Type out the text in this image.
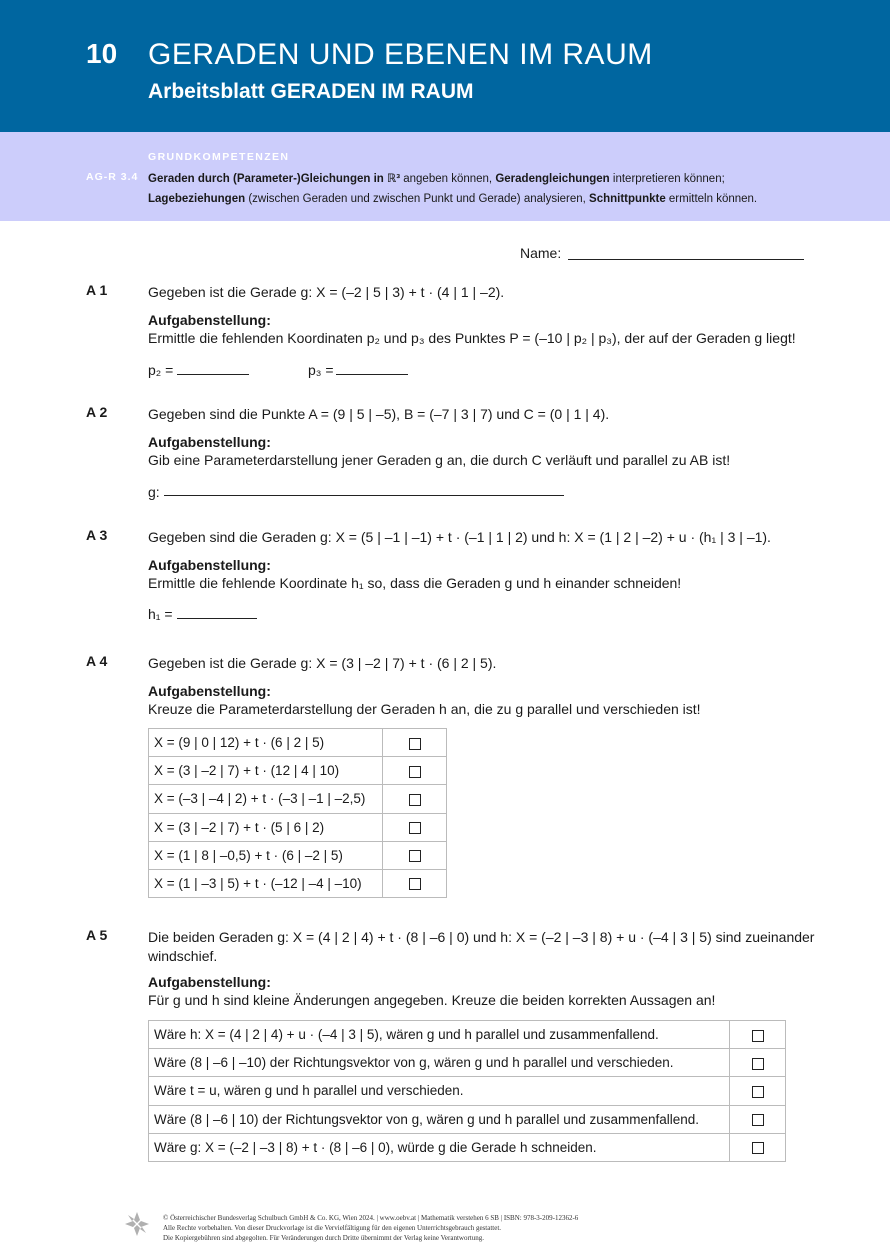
10 GERADEN UND EBENEN IM RAUM
Arbeitsblatt GERADEN IM RAUM
GRUNDKOMPETENZEN
AG-R 3.4 Geraden durch (Parameter-)Gleichungen in ℝ³ angeben können, Geradengleichungen interpretieren können; Lagebeziehungen (zwischen Geraden und zwischen Punkt und Gerade) analysieren, Schnittpunkte ermitteln können.
Name:
A 1	Gegeben ist die Gerade g: X = (–2 | 5 | 3) + t · (4 | 1 | –2).
Aufgabenstellung:
Ermittle die fehlenden Koordinaten p₂ und p₃ des Punktes P = (–10 | p₂ | p₃), der auf der Geraden g liegt!
p₂ =	p₃ =
A 2	Gegeben sind die Punkte A = (9 | 5 | –5), B = (–7 | 3 | 7) und C = (0 | 1 | 4).
Aufgabenstellung:
Gib eine Parameterdarstellung jener Geraden g an, die durch C verläuft und parallel zu AB ist!
g:
A 3	Gegeben sind die Geraden g: X = (5 | –1 | –1) + t · (–1 | 1 | 2) und h: X = (1 | 2 | –2) + u · (h₁ | 3 | –1).
Aufgabenstellung:
Ermittle die fehlende Koordinate h₁ so, dass die Geraden g und h einander schneiden!
h₁ =
A 4	Gegeben ist die Gerade g: X = (3 | –2 | 7) + t · (6 | 2 | 5).
Aufgabenstellung:
Kreuze die Parameterdarstellung der Geraden h an, die zu g parallel und verschieden ist!
X = (9 | 0 | 12) + t · (6 | 2 | 5)	
X = (3 | –2 | 7) + t · (12 | 4 | 10)	
X = (–3 | –4 | 2) + t · (–3 | –1 | –2,5)	
X = (3 | –2 | 7) + t · (5 | 6 | 2)	
X = (1 | 8 | –0,5) + t · (6 | –2 | 5)	
X = (1 | –3 | 5) + t · (–12 | –4 | –10)	
A 5	Die beiden Geraden g: X = (4 | 2 | 4) + t · (8 | –6 | 0) und h: X = (–2 | –3 | 8) + u · (–4 | 3 | 5) sind zueinander
windschief.
Aufgabenstellung:
Für g und h sind kleine Änderungen angegeben. Kreuze die beiden korrekten Aussagen an!
Wäre h: X = (4 | 2 | 4) + u · (–4 | 3 | 5), wären g und h parallel und zusammenfallend.	
Wäre (8 | –6 | –10) der Richtungsvektor von g, wären g und h parallel und verschieden.	
Wäre t = u, wären g und h parallel und verschieden.	
Wäre (8 | –6 | 10) der Richtungsvektor von g, wären g und h parallel und zusammenfallend.	
Wäre g: X = (–2 | –3 | 8) + t · (8 | –6 | 0), würde g die Gerade h schneiden.	
© Österreichischer Bundesverlag Schulbuch GmbH & Co. KG, Wien 2024. | www.oebv.at | Mathematik verstehen 6 SB | ISBN: 978-3-209-12362-6
Alle Rechte vorbehalten. Von dieser Druckvorlage ist die Vervielfältigung für den eigenen Unterrichtsgebrauch gestattet.
Die Kopiergebühren sind abgegolten. Für Veränderungen durch Dritte übernimmt der Verlag keine Verantwortung.
